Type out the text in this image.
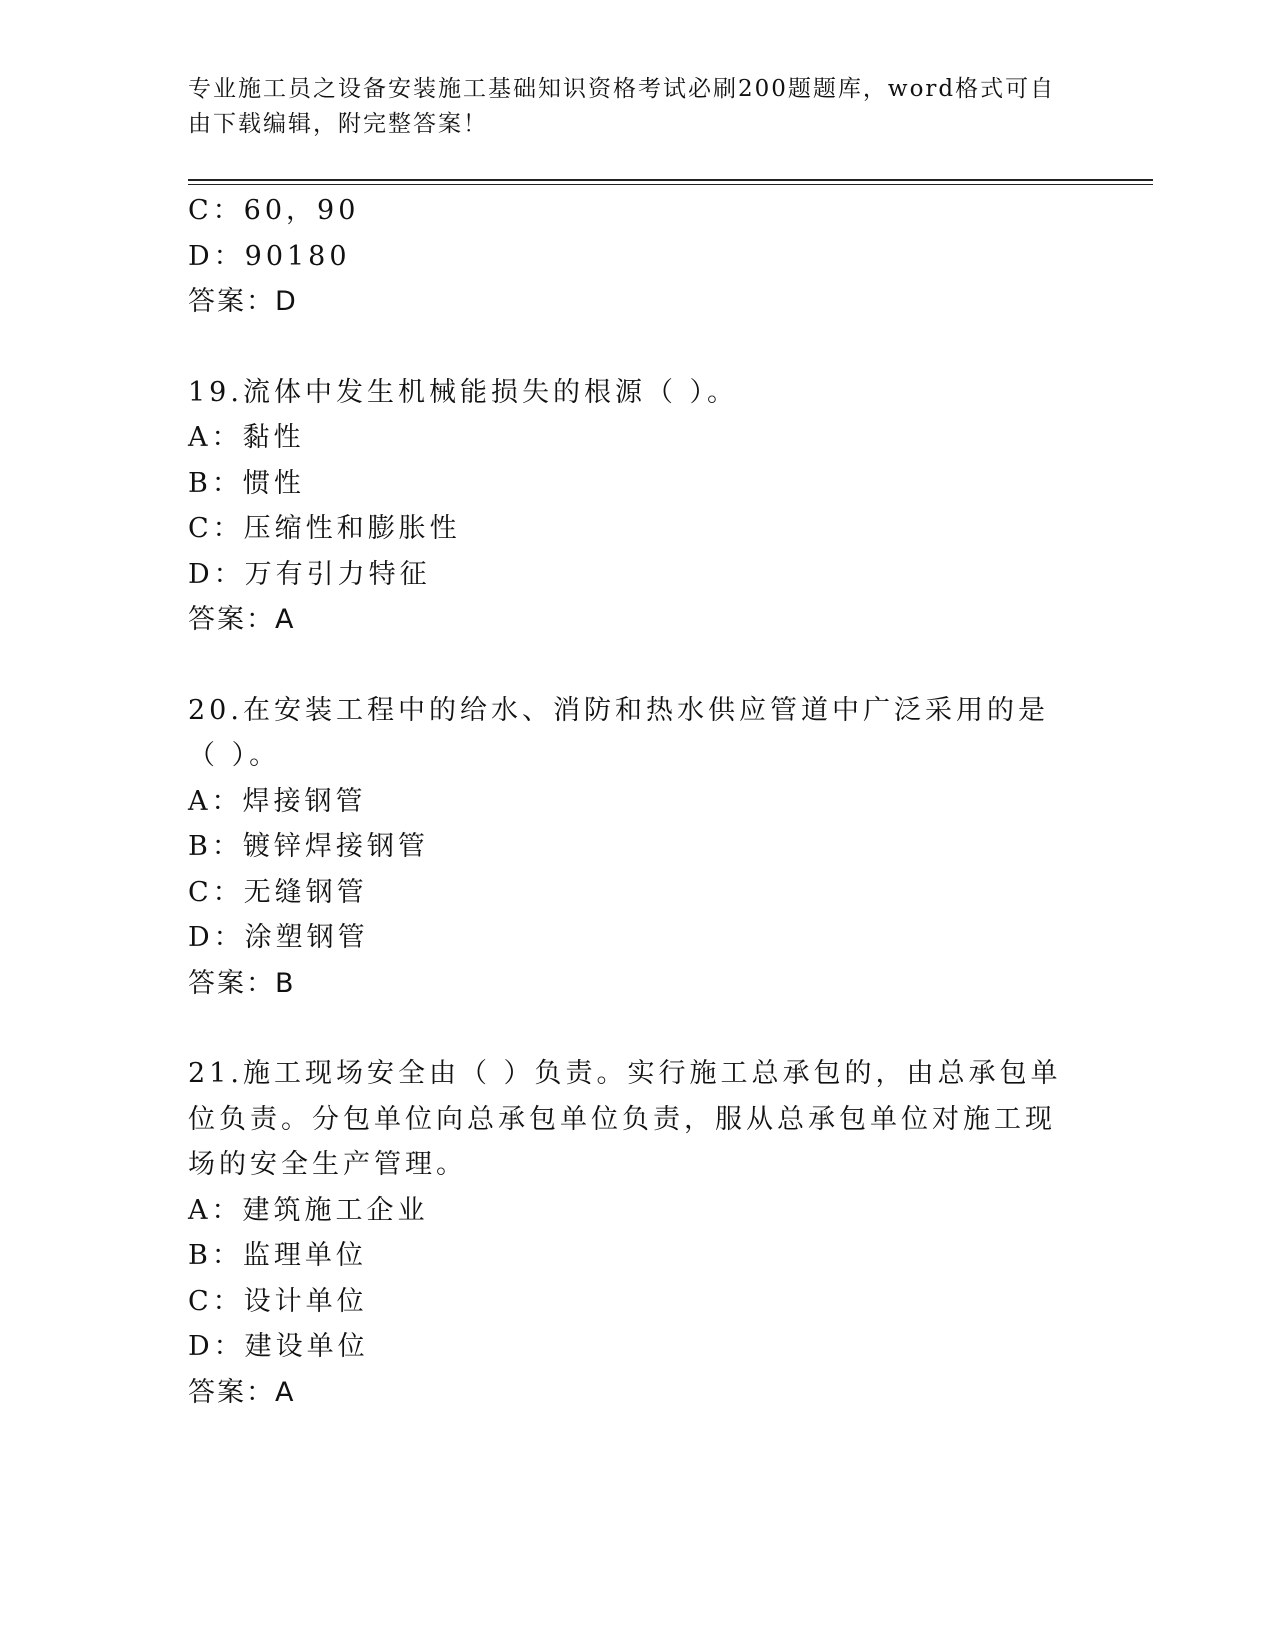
专业施工员之设备安装施工基础知识资格考试必刷200题题库，word格式可自由下载编辑，附完整答案！
C：60，90
D：90180
答案：D
19.流体中发生机械能损失的根源（ ）。
A：黏性
B：惯性
C：压缩性和膨胀性
D：万有引力特征
答案：A
20.在安装工程中的给水、消防和热水供应管道中广泛采用的是（ ）。
A：焊接钢管
B：镀锌焊接钢管
C：无缝钢管
D：涂塑钢管
答案：B
21.施工现场安全由（ ）负责。实行施工总承包的，由总承包单位负责。分包单位向总承包单位负责，服从总承包单位对施工现场的安全生产管理。
A：建筑施工企业
B：监理单位
C：设计单位
D：建设单位
答案：A
